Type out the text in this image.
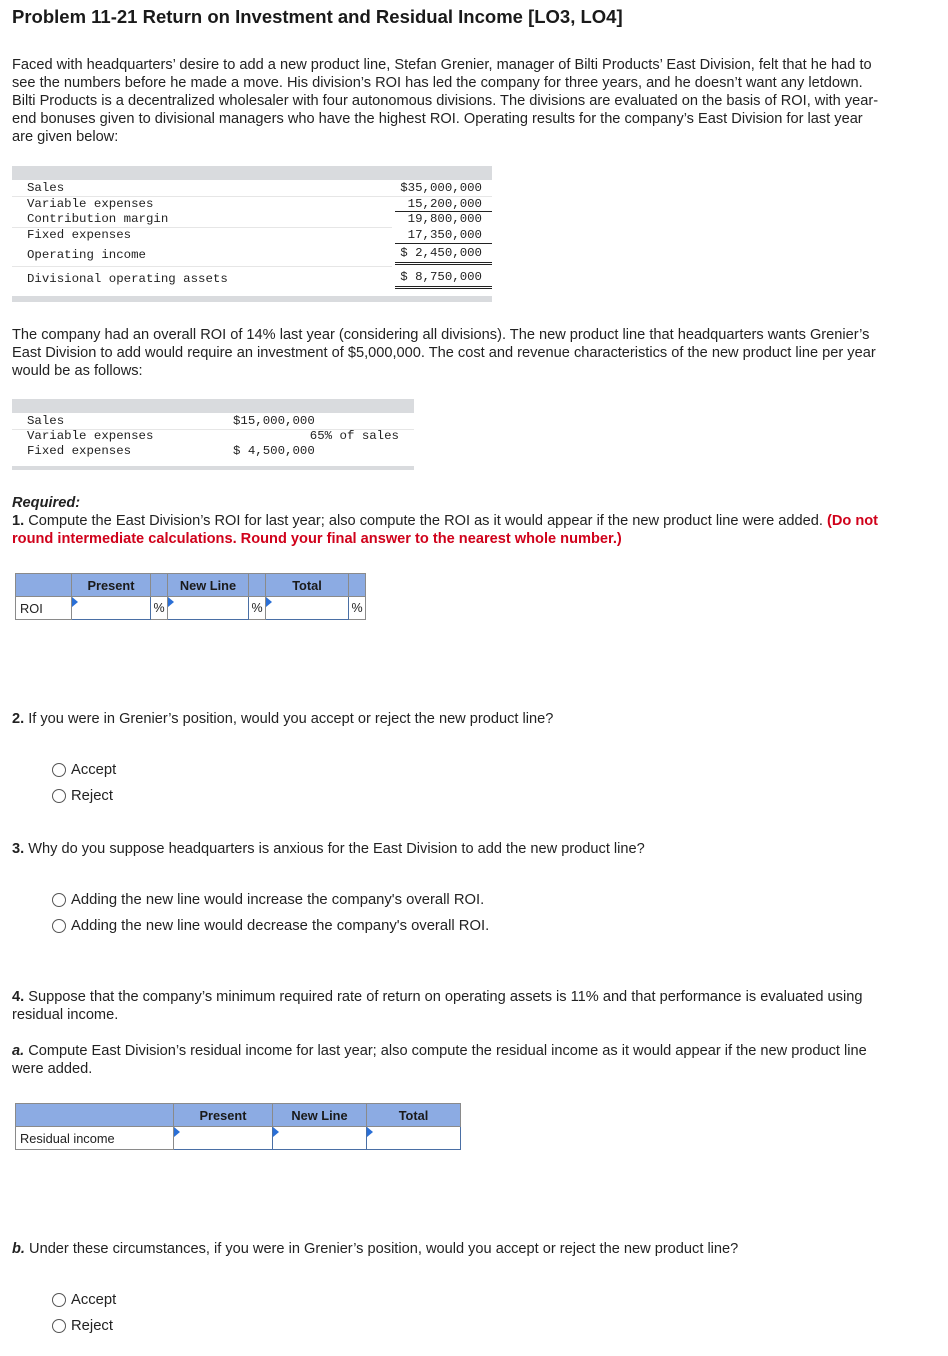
Problem 11-21 Return on Investment and Residual Income [LO3, LO4]
Faced with headquarters’ desire to add a new product line, Stefan Grenier, manager of Bilti Products’ East Division, felt that he had to
see the numbers before he made a move. His division’s ROI has led the company for three years, and he doesn’t want any letdown.
Bilti Products is a decentralized wholesaler with four autonomous divisions. The divisions are evaluated on the basis of ROI, with year-
end bonuses given to divisional managers who have the highest ROI. Operating results for the company’s East Division for last year
are given below:
Sales	$35,000,000
Variable expenses	15,200,000
Contribution margin	19,800,000
Fixed expenses	17,350,000
Operating income	$ 2,450,000
Divisional operating assets	$ 8,750,000
The company had an overall ROI of 14% last year (considering all divisions). The new product line that headquarters wants Grenier’s
East Division to add would require an investment of $5,000,000. The cost and revenue characteristics of the new product line per year
would be as follows:
Sales	$15,000,000
Variable expenses	65% of sales
Fixed expenses	$ 4,500,000
Required:
1. Compute the East Division’s ROI for last year; also compute the ROI as it would appear if the new product line were added. (Do not
round intermediate calculations. Round your final answer to the nearest whole number.)
	Present		New Line		Total	
ROI		%		%		%
2. If you were in Grenier’s position, would you accept or reject the new product line?
Accept
Reject
3. Why do you suppose headquarters is anxious for the East Division to add the new product line?
Adding the new line would increase the company's overall ROI.
Adding the new line would decrease the company's overall ROI.
4. Suppose that the company’s minimum required rate of return on operating assets is 11% and that performance is evaluated using
residual income.
a. Compute East Division’s residual income for last year; also compute the residual income as it would appear if the new product line
were added.
	Present	New Line	Total
Residual income	

b. Under these circumstances, if you were in Grenier’s position, would you accept or reject the new product line?
Accept
Reject
